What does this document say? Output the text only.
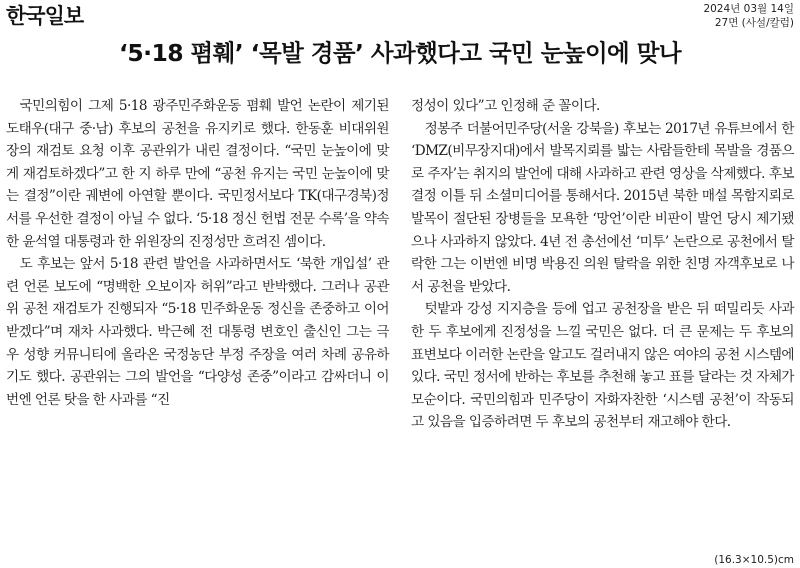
한국일보	2024년 03월 14일
27면 (사설/칼럼)
‘5·18 폄훼’ ‘목발 경품’ 사과했다고 국민 눈높이에 맞나

국민의힘이 그제 5·18 광주민주화운동 폄훼 발언 논란이 제기된 도태우(대구 중·남) 후보의 공천을 유지키로 했다. 한동훈 비대위원장의 재검토 요청 이후 공관위가 내린 결정이다. “국민 눈높이에 맞게 재검토하겠다”고 한 지 하루 만에 “공천 유지는 국민 눈높이에 맞는 결정”이란 궤변에 아연할 뿐이다. 국민정서보다 TK(대구경북)정서를 우선한 결정이 아닐 수 없다. ‘5·18 정신 헌법 전문 수록’을 약속한 윤석열 대통령과 한 위원장의 진정성만 흐려진 셈이다.

도 후보는 앞서 5·18 관련 발언을 사과하면서도 ‘북한 개입설’ 관련 언론 보도에 “명백한 오보이자 허위”라고 반박했다. 그러나 공관위 공천 재검토가 진행되자 “5·18 민주화운동 정신을 존중하고 이어받겠다”며 재차 사과했다. 박근혜 전 대통령 변호인 출신인 그는 극우 성향 커뮤니티에 올라온 국정농단 부정 주장을 여러 차례 공유하기도 했다. 공관위는 그의 발언을 “다양성 존중”이라고 감싸더니 이번엔 언론 탓을 한 사과를 “진

정성이 있다”고 인정해 준 꼴이다.

정봉주 더불어민주당(서울 강북을) 후보는 2017년 유튜브에서 한 ‘DMZ(비무장지대)에서 발목지뢰를 밟는 사람들한테 목발을 경품으로 주자’는 취지의 발언에 대해 사과하고 관련 영상을 삭제했다. 후보 결정 이틀 뒤 소셜미디어를 통해서다. 2015년 북한 매설 목함지뢰로 발목이 절단된 장병들을 모욕한 ‘망언’이란 비판이 발언 당시 제기됐으나 사과하지 않았다. 4년 전 총선에선 ‘미투’ 논란으로 공천에서 탈락한 그는 이번엔 비명 박용진 의원 탈락을 위한 친명 자객후보로 나서 공천을 받았다.

텃밭과 강성 지지층을 등에 업고 공천장을 받은 뒤 떠밀리듯 사과한 두 후보에게 진정성을 느낄 국민은 없다. 더 큰 문제는 두 후보의 표변보다 이러한 논란을 알고도 걸러내지 않은 여야의 공천 시스템에 있다. 국민 정서에 반하는 후보를 추천해 놓고 표를 달라는 것 자체가 모순이다. 국민의힘과 민주당이 자화자찬한 ‘시스템 공천’이 작동되고 있음을 입증하려면 두 후보의 공천부터 재고해야 한다.

(16.3×10.5)cm
